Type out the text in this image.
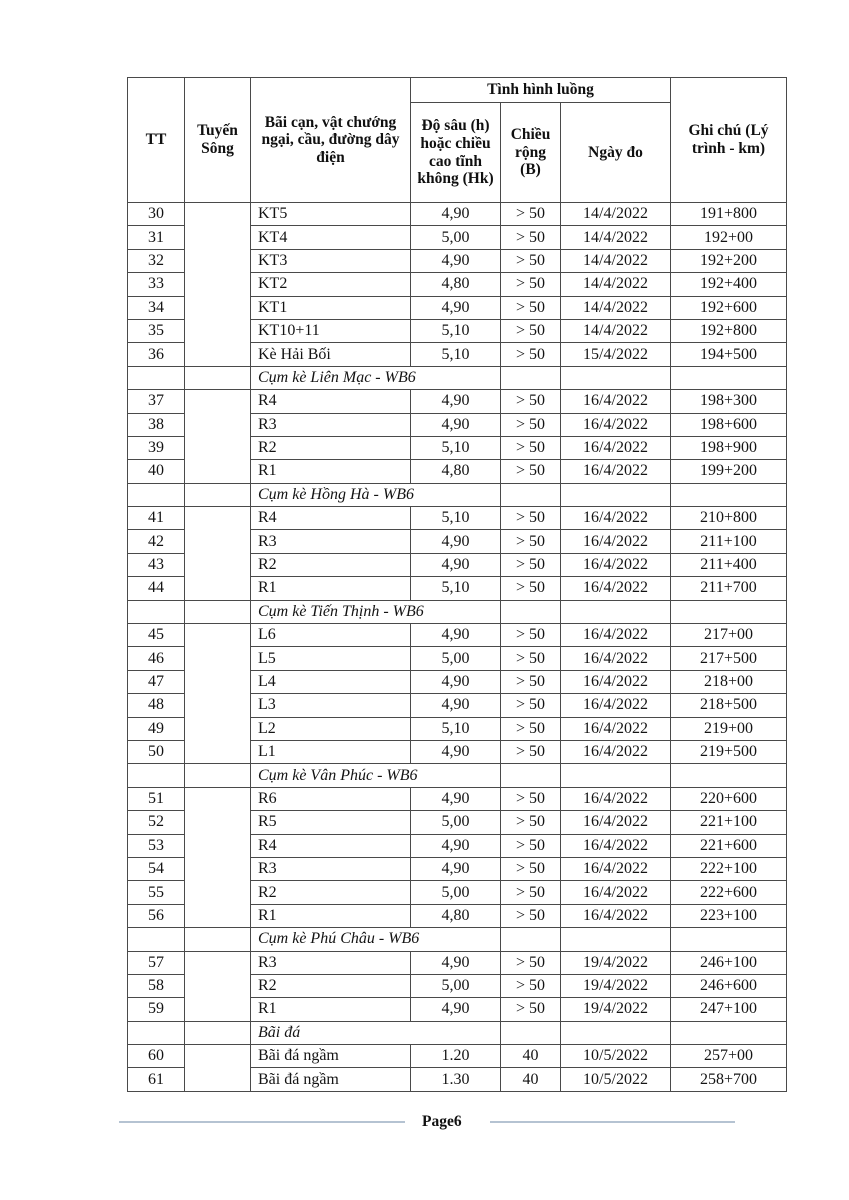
TT	Tuyến Sông	Bãi cạn, vật chướng ngại, cầu, đường dây điện	Tình hình luồng			Ghi chú (Lý trình - km)
			Độ sâu (h) hoặc chiều cao tĩnh không (Hk)	Chiều rộng (B)	Ngày đo	
30		KT5	4,90	> 50	14/4/2022	191+800
31		KT4	5,00	> 50	14/4/2022	192+00
32		KT3	4,90	> 50	14/4/2022	192+200
33		KT2	4,80	> 50	14/4/2022	192+400
34		KT1	4,90	> 50	14/4/2022	192+600
35		KT10+11	5,10	> 50	14/4/2022	192+800
36		Kè Hải Bối	5,10	> 50	15/4/2022	194+500
		Cụm kè Liên Mạc - WB6				
37		R4	4,90	> 50	16/4/2022	198+300
38		R3	4,90	> 50	16/4/2022	198+600
39		R2	5,10	> 50	16/4/2022	198+900
40		R1	4,80	> 50	16/4/2022	199+200
		Cụm kè Hồng Hà - WB6				
41		R4	5,10	> 50	16/4/2022	210+800
42		R3	4,90	> 50	16/4/2022	211+100
43		R2	4,90	> 50	16/4/2022	211+400
44		R1	5,10	> 50	16/4/2022	211+700
		Cụm kè Tiến Thịnh - WB6				
45		L6	4,90	> 50	16/4/2022	217+00
46		L5	5,00	> 50	16/4/2022	217+500
47		L4	4,90	> 50	16/4/2022	218+00
48		L3	4,90	> 50	16/4/2022	218+500
49		L2	5,10	> 50	16/4/2022	219+00
50		L1	4,90	> 50	16/4/2022	219+500
		Cụm kè Vân Phúc - WB6				
51		R6	4,90	> 50	16/4/2022	220+600
52		R5	5,00	> 50	16/4/2022	221+100
53		R4	4,90	> 50	16/4/2022	221+600
54		R3	4,90	> 50	16/4/2022	222+100
55		R2	5,00	> 50	16/4/2022	222+600
56		R1	4,80	> 50	16/4/2022	223+100
		Cụm kè Phú Châu - WB6				
57		R3	4,90	> 50	19/4/2022	246+100
58		R2	5,00	> 50	19/4/2022	246+600
59		R1	4,90	> 50	19/4/2022	247+100
		Bãi đá				
60		Bãi đá ngầm	1.20	40	10/5/2022	257+00
61		Bãi đá ngầm	1.30	40	10/5/2022	258+700
Page6
